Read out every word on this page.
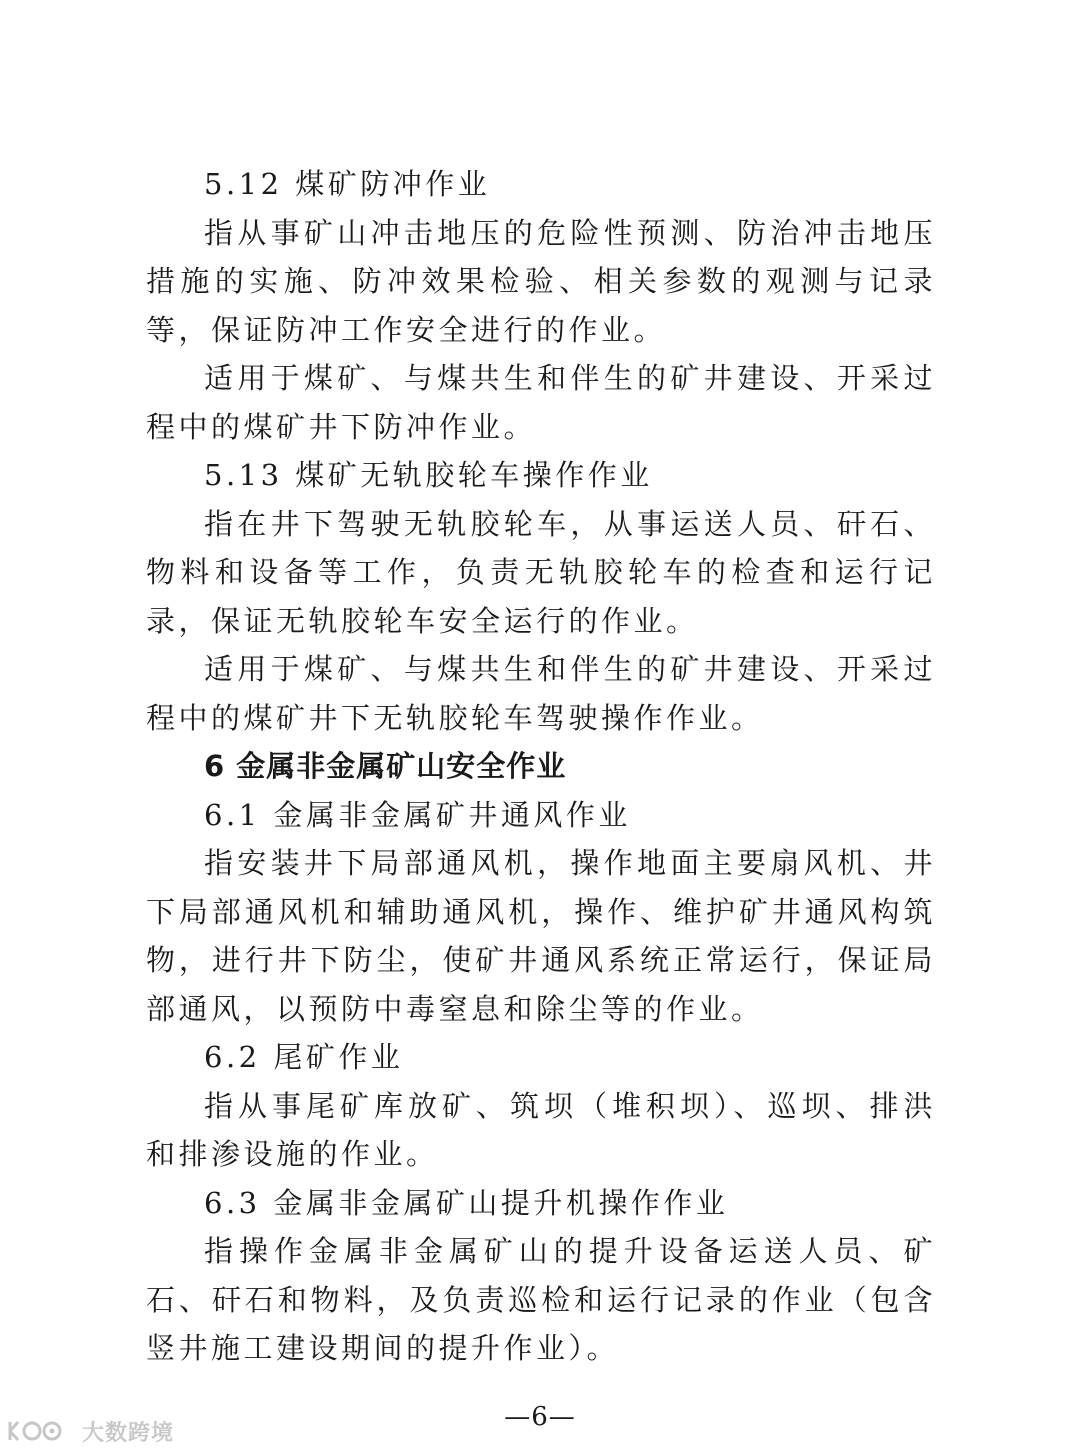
5.12 煤矿防冲作业

指从事矿山冲击地压的危险性预测、防治冲击地压措施的实施、防冲效果检验、相关参数的观测与记录等，保证防冲工作安全进行的作业。

适用于煤矿、与煤共生和伴生的矿井建设、开采过程中的煤矿井下防冲作业。

5.13 煤矿无轨胶轮车操作作业

指在井下驾驶无轨胶轮车，从事运送人员、矸石、物料和设备等工作，负责无轨胶轮车的检查和运行记录，保证无轨胶轮车安全运行的作业。

适用于煤矿、与煤共生和伴生的矿井建设、开采过程中的煤矿井下无轨胶轮车驾驶操作作业。

6 金属非金属矿山安全作业

6.1 金属非金属矿井通风作业

指安装井下局部通风机，操作地面主要扇风机、井下局部通风机和辅助通风机，操作、维护矿井通风构筑物，进行井下防尘，使矿井通风系统正常运行，保证局部通风，以预防中毒窒息和除尘等的作业。

6.2 尾矿作业

指从事尾矿库放矿、筑坝（堆积坝）、巡坝、排洪和排渗设施的作业。

6.3 金属非金属矿山提升机操作作业

指操作金属非金属矿山的提升设备运送人员、矿石、矸石和物料，及负责巡检和运行记录的作业（包含竖井施工建设期间的提升作业）。

—6—
大数跨境
